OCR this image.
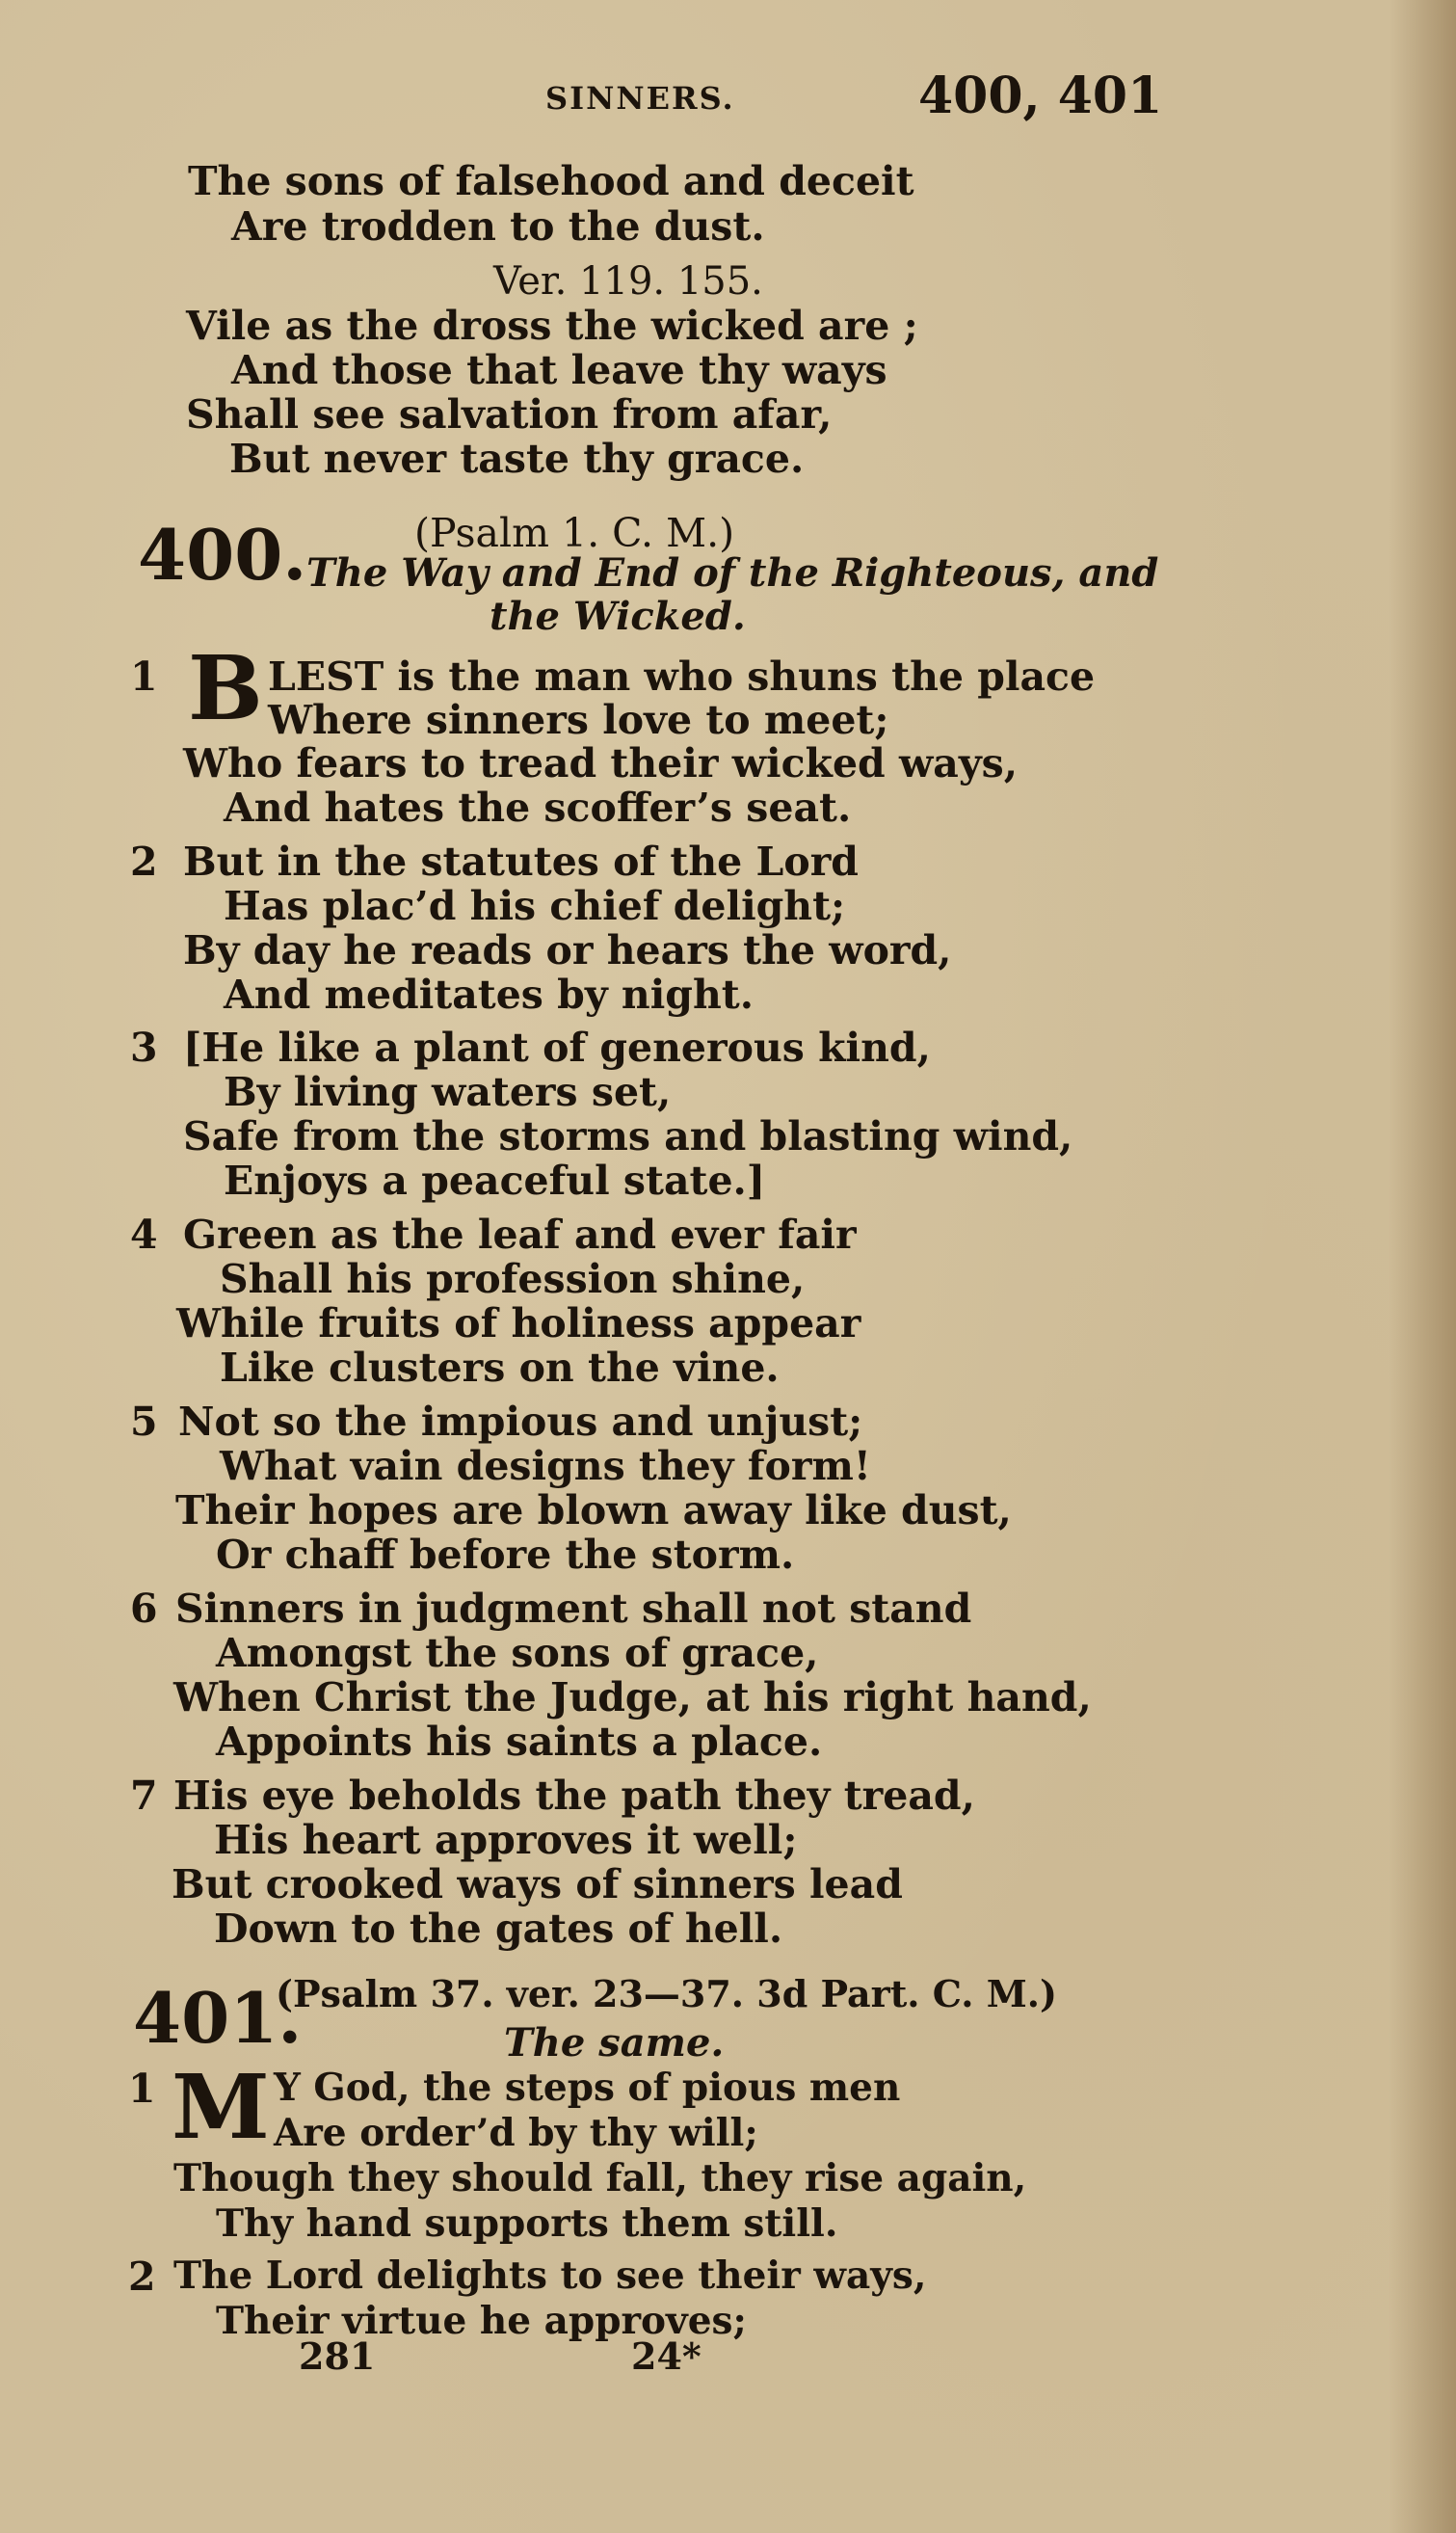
SINNERS.	400, 401
The sons of falsehood and deceit
Are trodden to the dust.
Ver. 119. 155.
Vile as the dross the wicked are ;
And those that leave thy ways
Shall see salvation from afar,
But never taste thy grace.
400.	(Psalm 1. C. M.)
The Way and End of the Righteous, and
the Wicked.
1 B LEST is the man who shuns the place
Where sinners love to meet;
Who fears to tread their wicked ways,
And hates the scoffer’s seat.
2 But in the statutes of the Lord
Has plac’d his chief delight;
By day he reads or hears the word,
And meditates by night.
3 [He like a plant of generous kind,
By living waters set,
Safe from the storms and blasting wind,
Enjoys a peaceful state.]
4 Green as the leaf and ever fair
Shall his profession shine,
While fruits of holiness appear
Like clusters on the vine.
5 Not so the impious and unjust;
What vain designs they form!
Their hopes are blown away like dust,
Or chaff before the storm.
6 Sinners in judgment shall not stand
Amongst the sons of grace,
When Christ the Judge, at his right hand,
Appoints his saints a place.
7 His eye beholds the path they tread,
His heart approves it well;
But crooked ways of sinners lead
Down to the gates of hell.
401.
(Psalm 37. ver. 23—37. 3d Part. C. M.)
The same.
1 M Y God, the steps of pious men
Are order’d by thy will;
Though they should fall, they rise again,
Thy hand supports them still.
2 The Lord delights to see their ways,
Their virtue he approves;
281	24*
